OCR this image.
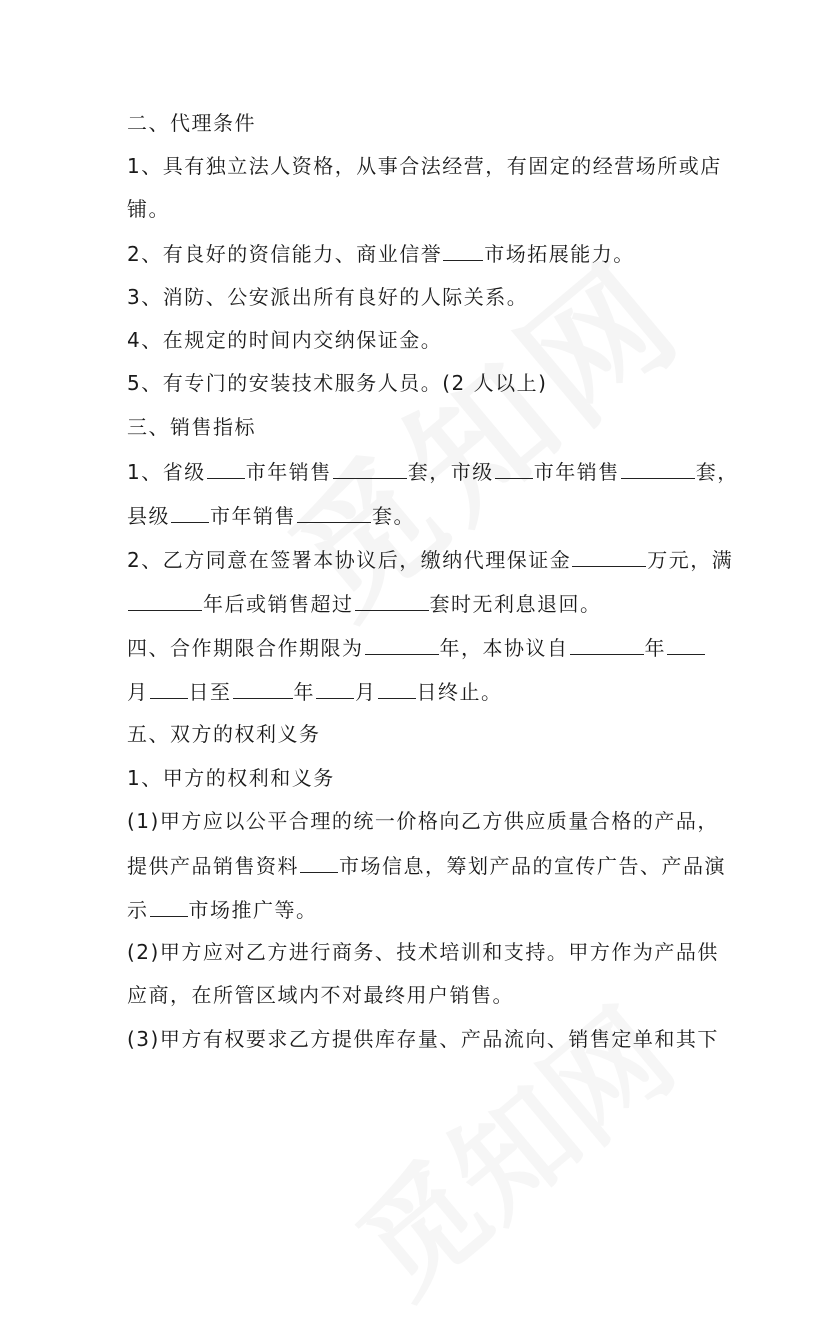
二、代理条件
1、具有独立法人资格，从事合法经营，有固定的经营场所或店
铺。
2、有良好的资信能力、商业信誉 市场拓展能力。
3、消防、公安派出所有良好的人际关系。
4、在规定的时间内交纳保证金。
5、有专门的安装技术服务人员。(2 人以上)
三、销售指标
1、省级 市年销售	套，市级 市年销售	套，
县级 市年销售	套。
2、乙方同意在签署本协议后，缴纳代理保证金	万元，满
年后或销售超过	套时无利息退回。
四、合作期限合作期限为	年，本协议自	年
月 日至	年 月 日终止。
五、双方的权利义务
1、甲方的权利和义务
(1)甲方应以公平合理的统一价格向乙方供应质量合格的产品，
提供产品销售资料 市场信息，筹划产品的宣传广告、产品演
示 市场推广等。
(2)甲方应对乙方进行商务、技术培训和支持。甲方作为产品供
应商，在所管区域内不对最终用户销售。
(3)甲方有权要求乙方提供库存量、产品流向、销售定单和其下
